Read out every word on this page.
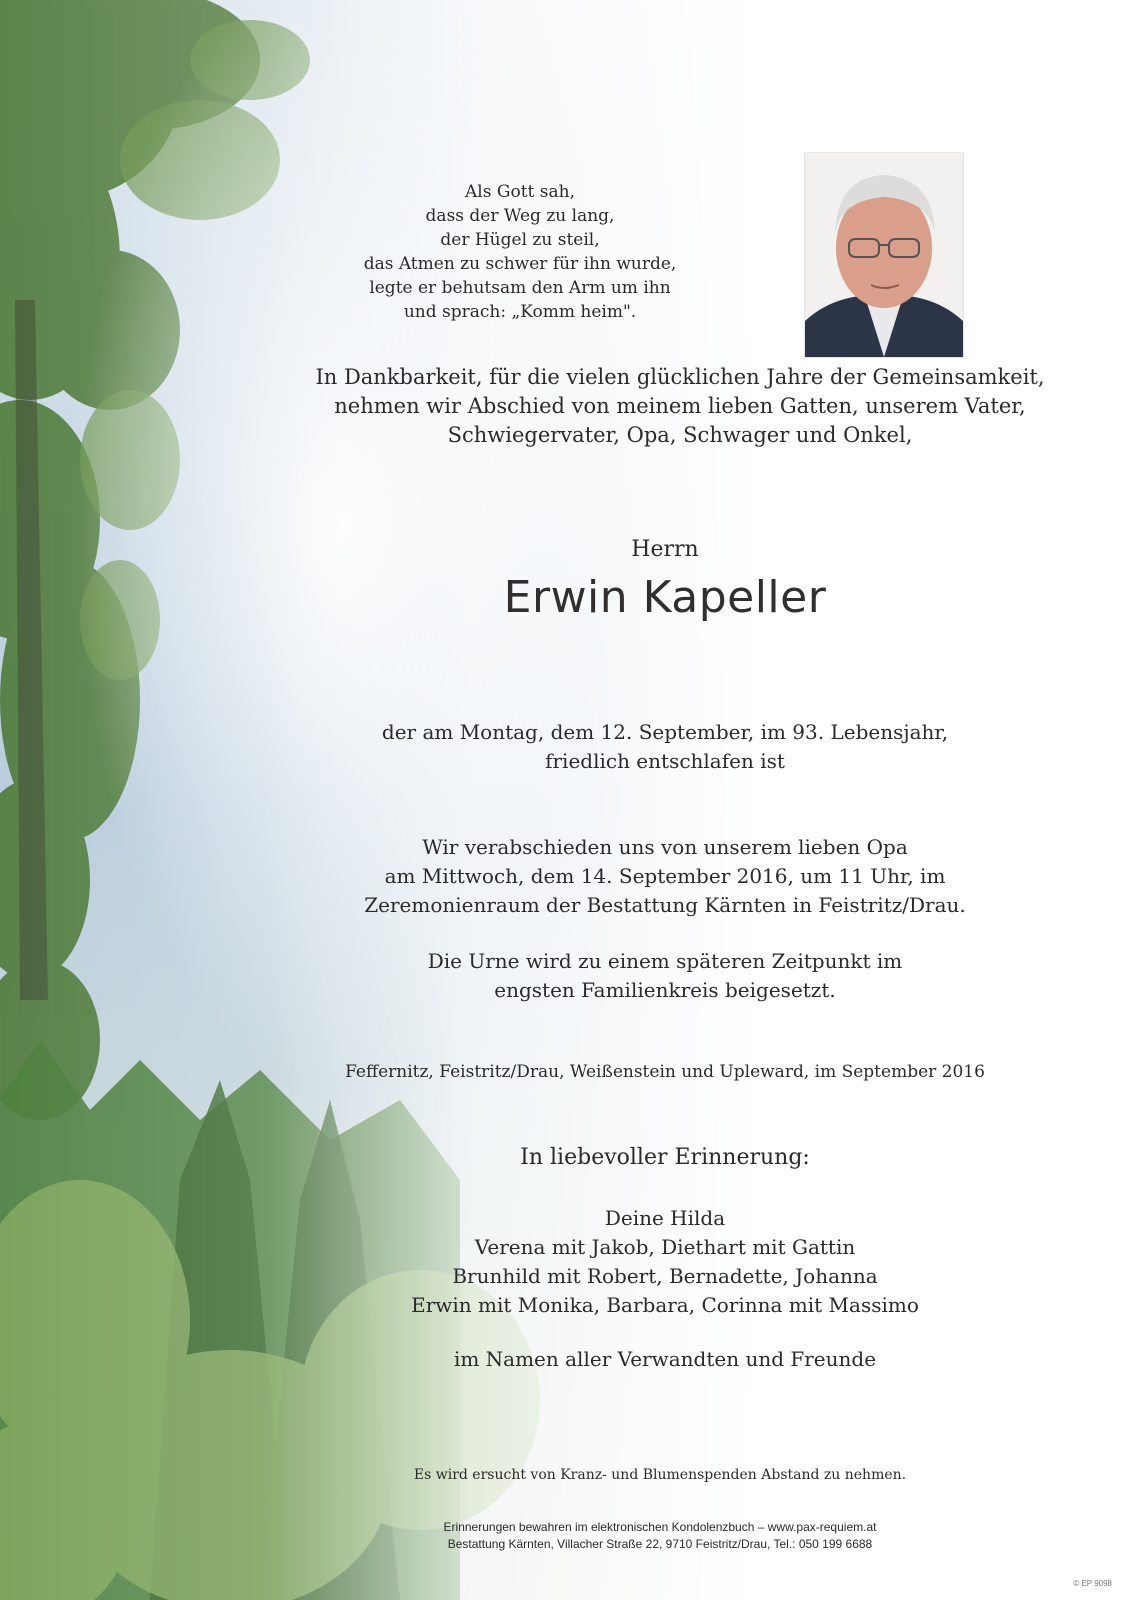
Als Gott sah,
dass der Weg zu lang,
der Hügel zu steil,
das Atmen zu schwer für ihn wurde,
legte er behutsam den Arm um ihn
und sprach: „Komm heim".
In Dankbarkeit, für die vielen glücklichen Jahre der Gemeinsamkeit,
nehmen wir Abschied von meinem lieben Gatten, unserem Vater,
Schwiegervater, Opa, Schwager und Onkel,
Herrn
Erwin Kapeller
der am Montag, dem 12. September, im 93. Lebensjahr,
friedlich entschlafen ist
Wir verabschieden uns von unserem lieben Opa
am Mittwoch, dem 14. September 2016, um 11 Uhr, im
Zeremonienraum der Bestattung Kärnten in Feistritz/Drau.
Die Urne wird zu einem späteren Zeitpunkt im
engsten Familienkreis beigesetzt.
Feffernitz, Feistritz/Drau, Weißenstein und Upleward, im September 2016
In liebevoller Erinnerung:
Deine Hilda
Verena mit Jakob, Diethart mit Gattin
Brunhild mit Robert, Bernadette, Johanna
Erwin mit Monika, Barbara, Corinna mit Massimo
im Namen aller Verwandten und Freunde
Es wird ersucht von Kranz- und Blumenspenden Abstand zu nehmen.
Erinnerungen bewahren im elektronischen Kondolenzbuch – www.pax-requiem.at
Bestattung Kärnten, Villacher Straße 22, 9710 Feistritz/Drau, Tel.: 050 199 6688
© EP 9098
